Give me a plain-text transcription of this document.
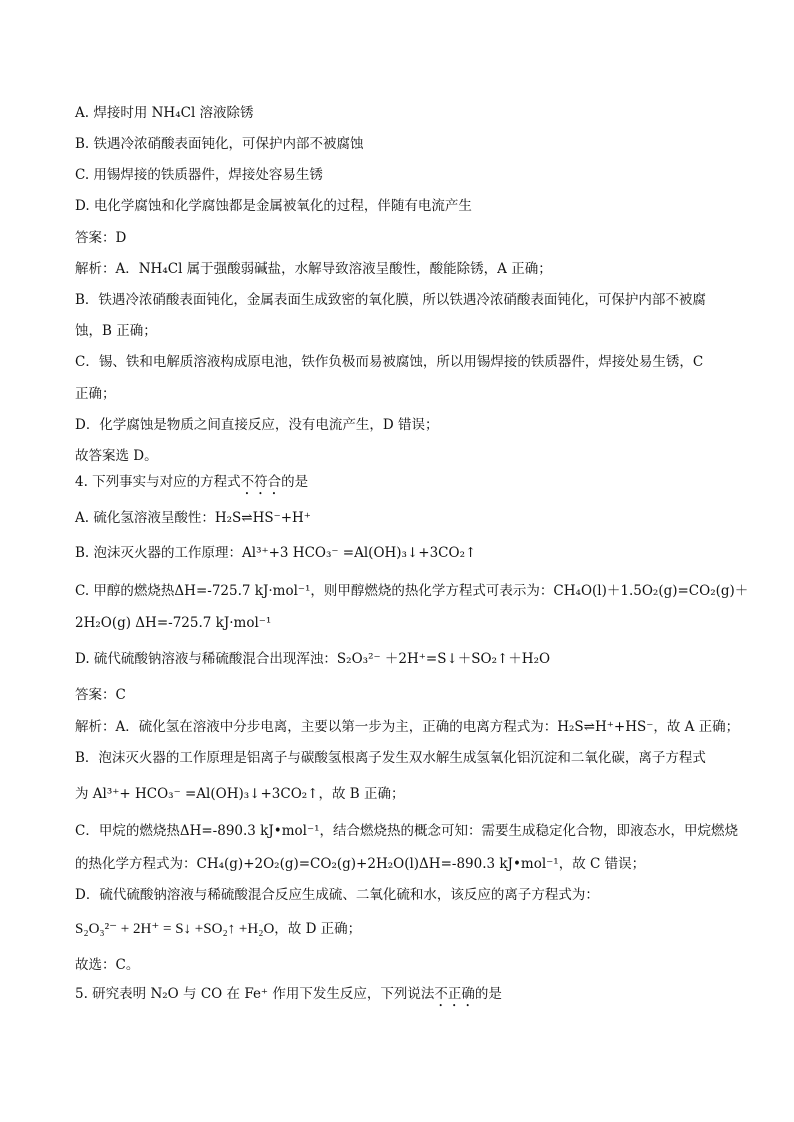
A. 焊接时用 NH₄Cl 溶液除锈
B. 铁遇冷浓硝酸表面钝化，可保护内部不被腐蚀
C. 用锡焊接的铁质器件，焊接处容易生锈
D. 电化学腐蚀和化学腐蚀都是金属被氧化的过程，伴随有电流产生
答案：D
解析：A．NH₄Cl 属于强酸弱碱盐，水解导致溶液呈酸性，酸能除锈，A 正确；
B．铁遇冷浓硝酸表面钝化，金属表面生成致密的氧化膜，所以铁遇冷浓硝酸表面钝化，可保护内部不被腐
蚀，B 正确；
C．锡、铁和电解质溶液构成原电池，铁作负极而易被腐蚀，所以用锡焊接的铁质器件，焊接处易生锈，C
正确；
D．化学腐蚀是物质之间直接反应，没有电流产生，D 错误；
故答案选 D。
4. 下列事实与对应的方程式不符合的是
A. 硫化氢溶液呈酸性：H₂S⇌HS⁻+H⁺
B. 泡沫灭火器的工作原理：Al³⁺+3 HCO₃⁻ =Al(OH)₃↓+3CO₂↑
C. 甲醇的燃烧热ΔH=-725.7 kJ·mol⁻¹，则甲醇燃烧的热化学方程式可表示为：CH₄O(l)＋1.5O₂(g)=CO₂(g)＋
2H₂O(g) ΔH=-725.7 kJ·mol⁻¹
D. 硫代硫酸钠溶液与稀硫酸混合出现浑浊：S₂O₃²⁻ ＋2H⁺=S↓＋SO₂↑＋H₂O
答案：C
解析：A．硫化氢在溶液中分步电离，主要以第一步为主，正确的电离方程式为：H₂S⇌H⁺+HS⁻，故 A 正确；
B．泡沫灭火器的工作原理是铝离子与碳酸氢根离子发生双水解生成氢氧化铝沉淀和二氧化碳，离子方程式
为 Al³⁺+ HCO₃⁻ =Al(OH)₃↓+3CO₂↑，故 B 正确；
C．甲烷的燃烧热ΔH=-890.3 kJ•mol⁻¹，结合燃烧热的概念可知：需要生成稳定化合物，即液态水，甲烷燃烧
的热化学方程式为：CH₄(g)+2O₂(g)=CO₂(g)+2H₂O(l)ΔH=-890.3 kJ•mol⁻¹，故 C 错误；
D．硫代硫酸钠溶液与稀硫酸混合反应生成硫、二氧化硫和水，该反应的离子方程式为：
S₂O₃²⁻ + 2H⁺ = S↓ +SO₂↑ +H₂O，故 D 正确；
故选：C。
5. 研究表明 N₂O 与 CO 在 Fe⁺ 作用下发生反应，下列说法不正确的是
